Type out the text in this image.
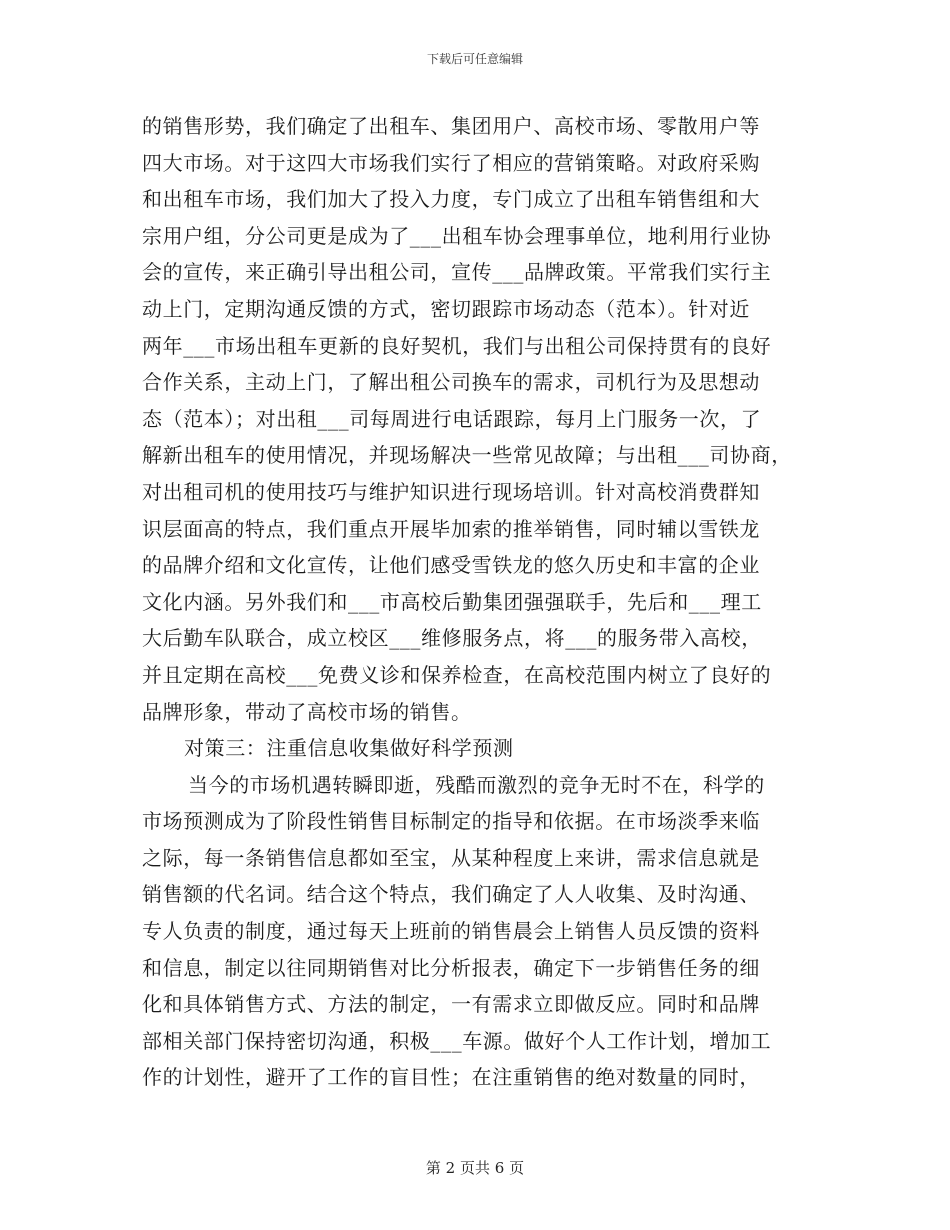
下载后可任意编辑
的销售形势，我们确定了出租车、集团用户、高校市场、零散用户等
四大市场。对于这四大市场我们实行了相应的营销策略。对政府采购
和出租车市场，我们加大了投入力度，专门成立了出租车销售组和大
宗用户组，分公司更是成为了___出租车协会理事单位，地利用行业协
会的宣传，来正确引导出租公司，宣传___品牌政策。平常我们实行主
动上门，定期沟通反馈的方式，密切跟踪市场动态（范本）。针对近
两年___市场出租车更新的良好契机，我们与出租公司保持贯有的良好
合作关系，主动上门，了解出租公司换车的需求，司机行为及思想动
态（范本）；对出租___司每周进行电话跟踪，每月上门服务一次，了
解新出租车的使用情况，并现场解决一些常见故障；与出租___司协商，
对出租司机的使用技巧与维护知识进行现场培训。针对高校消费群知
识层面高的特点，我们重点开展毕加索的推举销售，同时辅以雪铁龙
的品牌介绍和文化宣传，让他们感受雪铁龙的悠久历史和丰富的企业
文化内涵。另外我们和___市高校后勤集团强强联手，先后和___理工
大后勤车队联合，成立校区___维修服务点，将___的服务带入高校，
并且定期在高校___免费义诊和保养检查，在高校范围内树立了良好的
品牌形象，带动了高校市场的销售。
对策三：注重信息收集做好科学预测
当今的市场机遇转瞬即逝，残酷而激烈的竞争无时不在，科学的
市场预测成为了阶段性销售目标制定的指导和依据。在市场淡季来临
之际，每一条销售信息都如至宝，从某种程度上来讲，需求信息就是
销售额的代名词。结合这个特点，我们确定了人人收集、及时沟通、
专人负责的制度，通过每天上班前的销售晨会上销售人员反馈的资料
和信息，制定以往同期销售对比分析报表，确定下一步销售任务的细
化和具体销售方式、方法的制定，一有需求立即做反应。同时和品牌
部相关部门保持密切沟通，积极___车源。做好个人工作计划，增加工
作的计划性，避开了工作的盲目性；在注重销售的绝对数量的同时，
第 2 页共 6 页
